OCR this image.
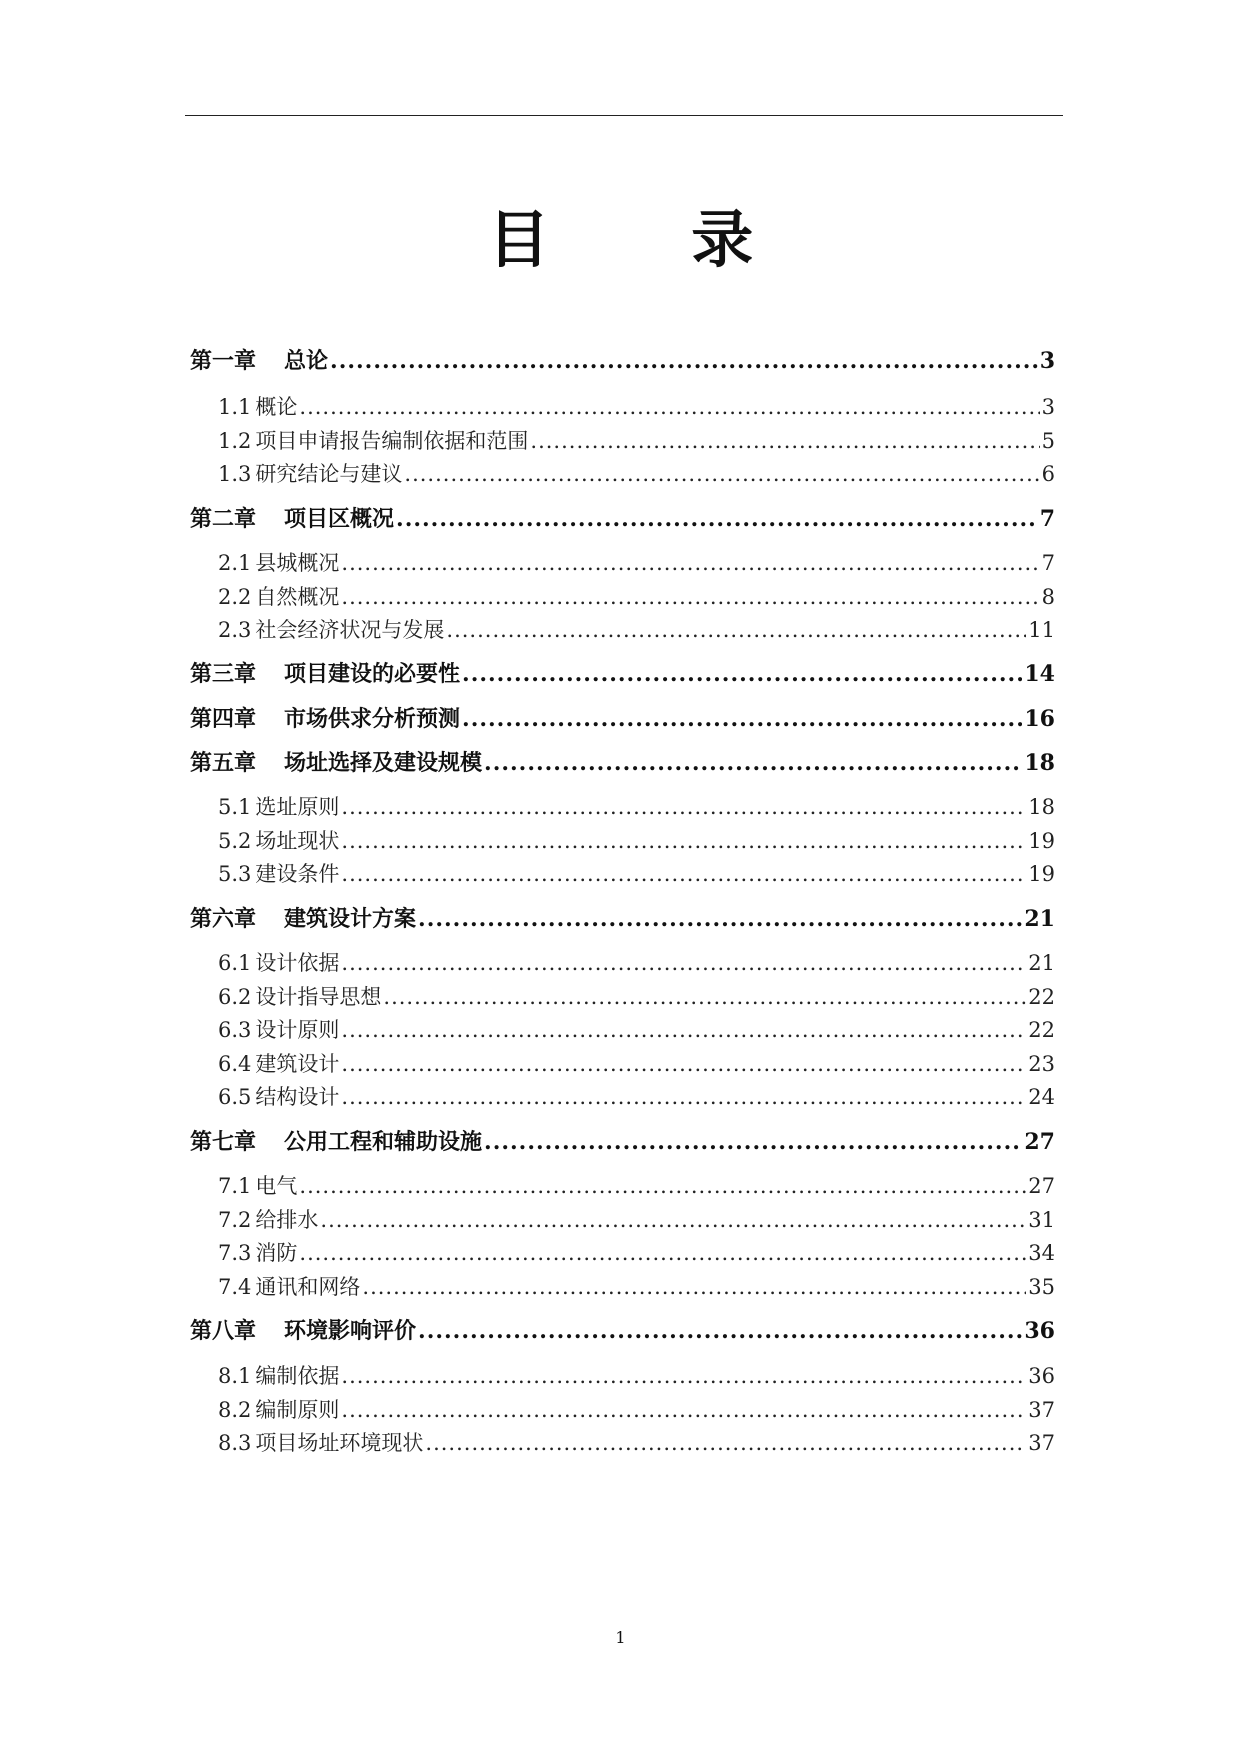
目 录
第一章 总论 .....	3
1.1 概论 .....	3
1.2 项目申请报告编制依据和范围 .....	5
1.3 研究结论与建议 .....	6
第二章 项目区概况 .....	7
2.1 县城概况 .....	7
2.2 自然概况 .....	8
2.3 社会经济状况与发展 .....	11
第三章 项目建设的必要性 .....	14
第四章 市场供求分析预测 .....	16
第五章 场址选择及建设规模 .....	18
5.1 选址原则 .....	18
5.2 场址现状 .....	19
5.3 建设条件 .....	19
第六章 建筑设计方案 .....	21
6.1 设计依据 .....	21
6.2 设计指导思想 .....	22
6.3 设计原则 .....	22
6.4 建筑设计 .....	23
6.5 结构设计 .....	24
第七章 公用工程和辅助设施 .....	27
7.1 电气 .....	27
7.2 给排水 .....	31
7.3 消防 .....	34
7.4 通讯和网络 .....	35
第八章 环境影响评价 .....	36
8.1 编制依据 .....	36
8.2 编制原则 .....	37
8.3 项目场址环境现状 .....	37
1
